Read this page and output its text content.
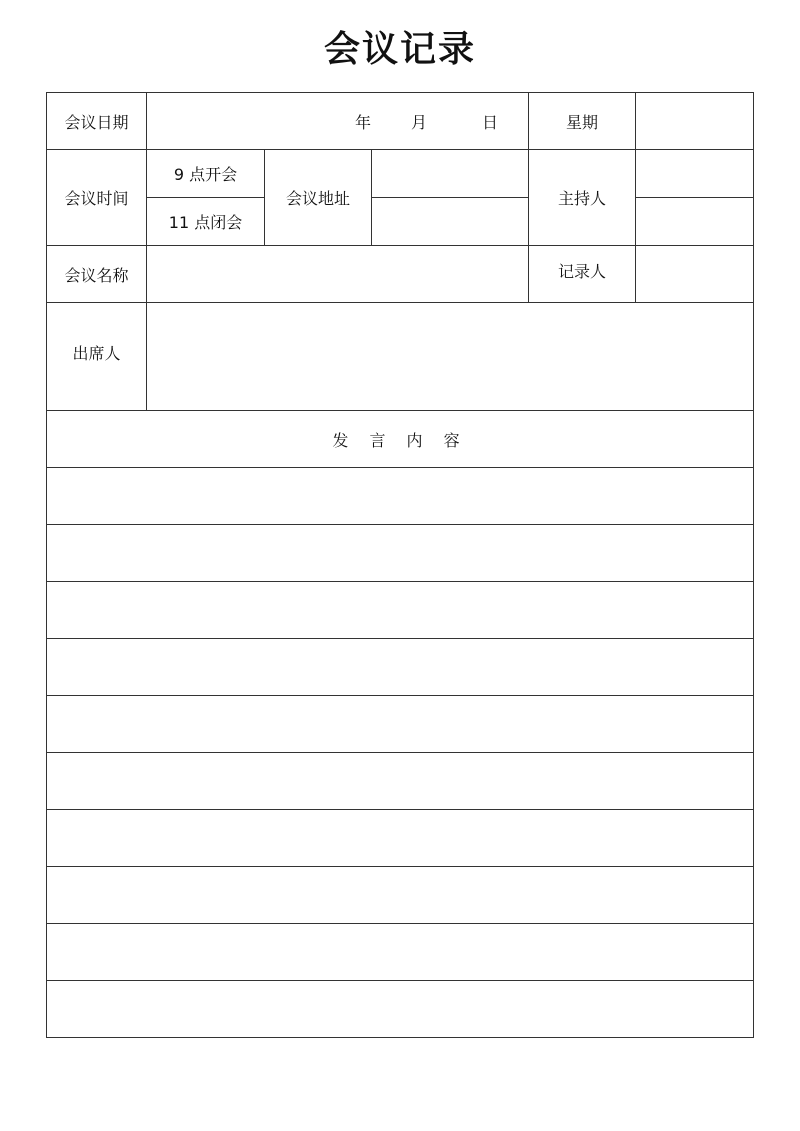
会议记录
会议日期	年 月 日			星期	
会议时间	9 点开会	会议地址		主持人	
	11 点闭会				
会议名称				记录人	
出席人					
发 言 内 容					
